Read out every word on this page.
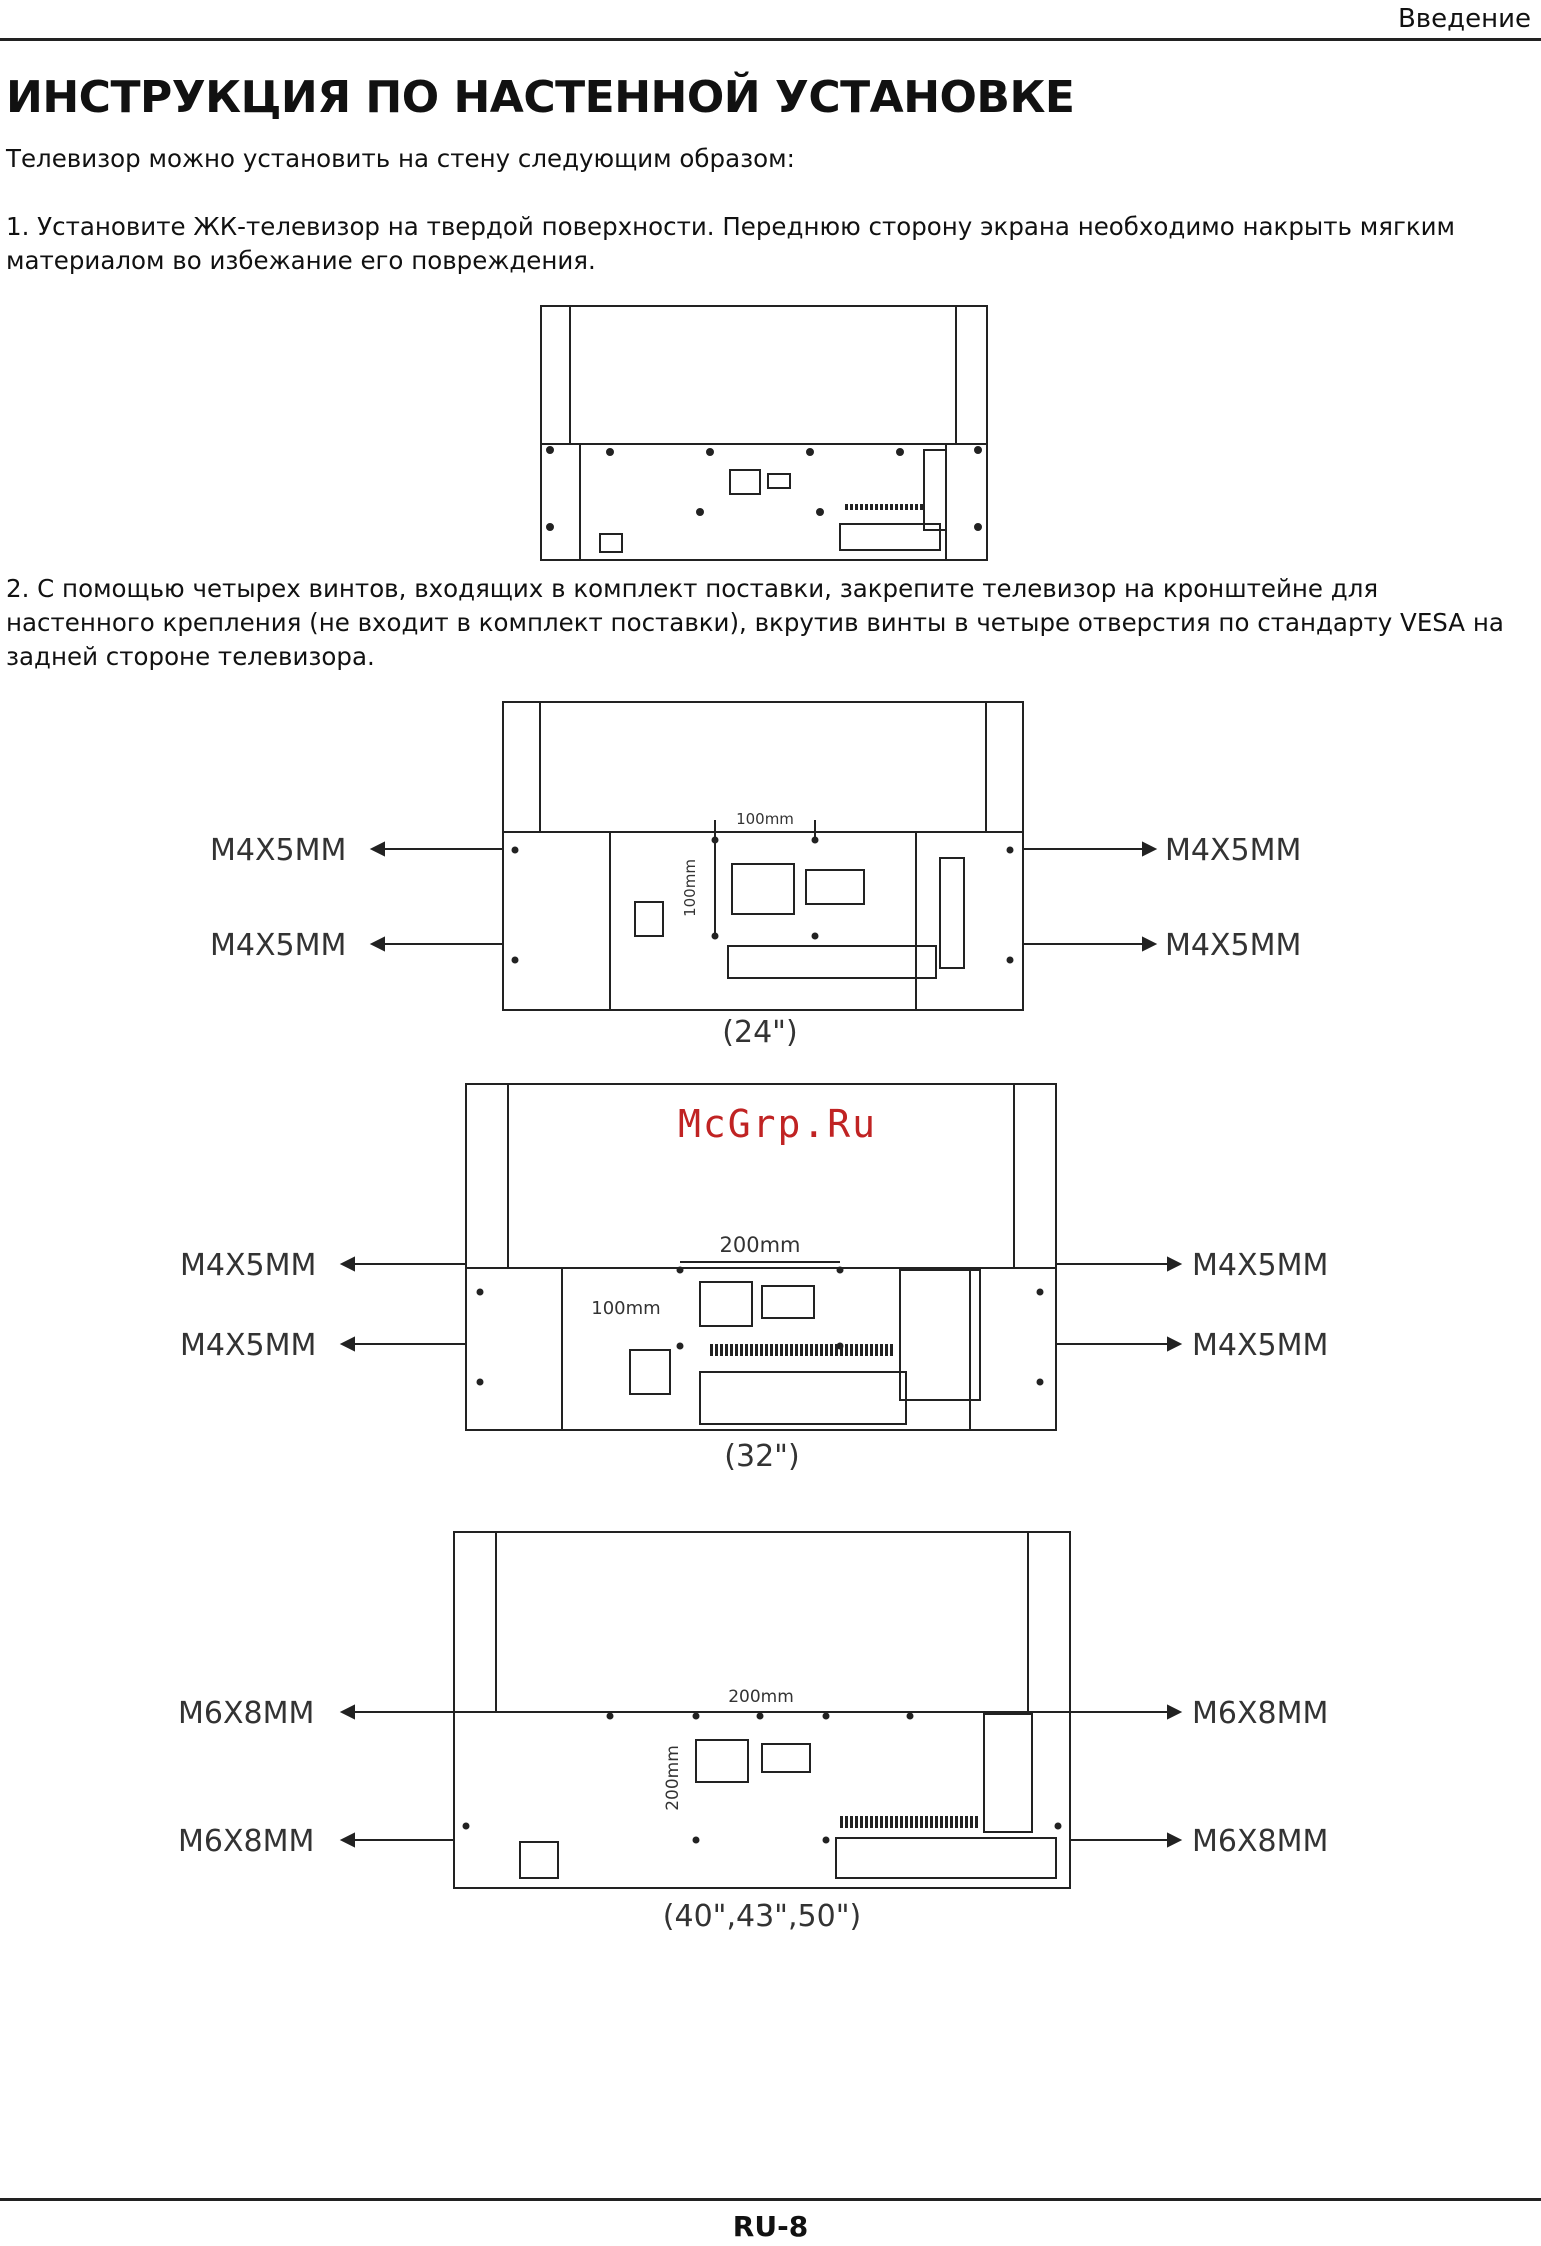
Введение
ИНСТРУКЦИЯ ПО НАСТЕННОЙ УСТАНОВКЕ

Телевизор можно установить на стену следующим образом:

1. Установите ЖК-телевизор на твердой поверхности. Переднюю сторону экрана необходимо накрыть мягким материалом во избежание его повреждения.

2. С помощью четырех винтов, входящих в комплект поставки, закрепите телевизор на кронштейне для настенного крепления (не входит в комплект поставки), вкрутив винты в четыре отверстия по стандарту VESA на задней стороне телевизора.

M4X5MM
M4X5MM
M4X5MM
M4X5MM
100mm
100mm
(24")
M4X5MM
M4X5MM
M4X5MM
M4X5MM
200mm
100mm
(32")
McGrp.Ru
M6X8MM
M6X8MM
M6X8MM
M6X8MM
200mm
200mm
(40",43",50")
RU-8
